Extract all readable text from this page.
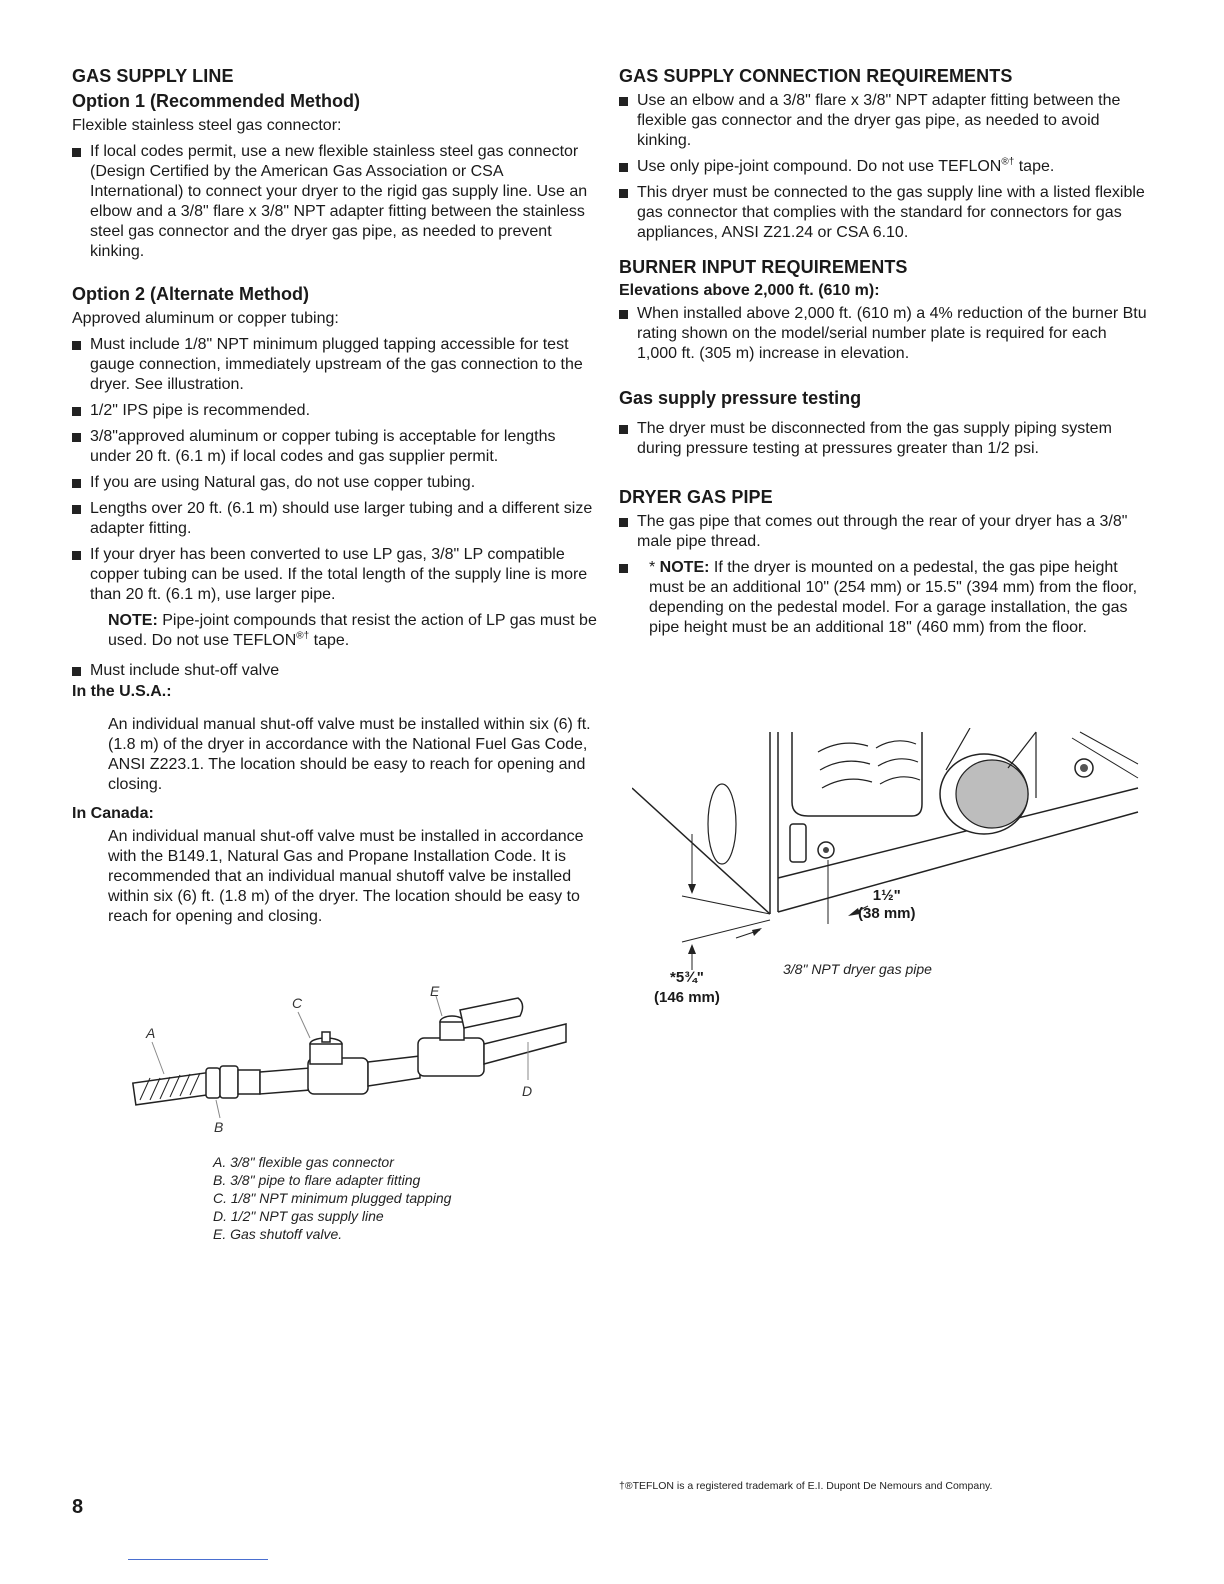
GAS SUPPLY LINE
Option 1 (Recommended Method)

Flexible stainless steel gas connector:

If local codes permit, use a new flexible stainless steel gas connector (Design Certified by the American Gas Association or CSA International) to connect your dryer to the rigid gas supply line. Use an elbow and a 3/8" flare x 3/8" NPT adapter fitting between the stainless steel gas connector and the dryer gas pipe, as needed to prevent kinking.
Option 2 (Alternate Method)

Approved aluminum or copper tubing:

Must include 1/8" NPT minimum plugged tapping accessible for test gauge connection, immediately upstream of the gas connection to the dryer. See illustration.
1/2" IPS pipe is recommended.
3/8"approved aluminum or copper tubing is acceptable for lengths under 20 ft. (6.1 m) if local codes and gas supplier permit.
If you are using Natural gas, do not use copper tubing.
Lengths over 20 ft. (6.1 m) should use larger tubing and a different size adapter fitting.
If your dryer has been converted to use LP gas, 3/8" LP compatible copper tubing can be used. If the total length of the supply line is more than 20 ft. (6.1 m), use larger pipe.
NOTE: Pipe-joint compounds that resist the action of LP gas must be used. Do not use TEFLON®† tape.
Must include shut-off valve
In the U.S.A.:
An individual manual shut-off valve must be installed within six (6) ft. (1.8 m) of the dryer in accordance with the National Fuel Gas Code, ANSI Z223.1. The location should be easy to reach for opening and closing.
In Canada:
An individual manual shut-off valve must be installed in accordance with the B149.1, Natural Gas and Propane Installation Code. It is recommended that an individual manual shutoff valve be installed within six (6) ft. (1.8 m) of the dryer. The location should be easy to reach for opening and closing.
A
B
C
D
E
A. 3/8" flexible gas connector
B. 3/8" pipe to flare adapter fitting
C. 1/8" NPT minimum plugged tapping
D. 1/2" NPT gas supply line
E. Gas shutoff valve.
GAS SUPPLY CONNECTION REQUIREMENTS
Use an elbow and a 3/8" flare x 3/8" NPT adapter fitting between the flexible gas connector and the dryer gas pipe, as needed to avoid kinking.
Use only pipe-joint compound. Do not use TEFLON®† tape.
This dryer must be connected to the gas supply line with a listed flexible gas connector that complies with the standard for connectors for gas appliances, ANSI Z21.24 or CSA 6.10.
BURNER INPUT REQUIREMENTS
Elevations above 2,000 ft. (610 m):
When installed above 2,000 ft. (610 m) a 4% reduction of the burner Btu rating shown on the model/serial number plate is required for each 1,000 ft. (305 m) increase in elevation.
Gas supply pressure testing
The dryer must be disconnected from the gas supply piping system during pressure testing at pressures greater than 1/2 psi.
DRYER GAS PIPE
The gas pipe that comes out through the rear of your dryer has a 3/8" male pipe thread.
* NOTE: If the dryer is mounted on a pedestal, the gas pipe height must be an additional 10" (254 mm) or 15.5" (394 mm) from the floor, depending on the pedestal model. For a garage installation, the gas pipe height must be an additional 18" (460 mm) from the floor.
1½"
(38 mm)
*5¾"
(146 mm)
3/8" NPT dryer gas pipe
†®TEFLON is a registered trademark of E.I. Dupont De Nemours and Company.
8
